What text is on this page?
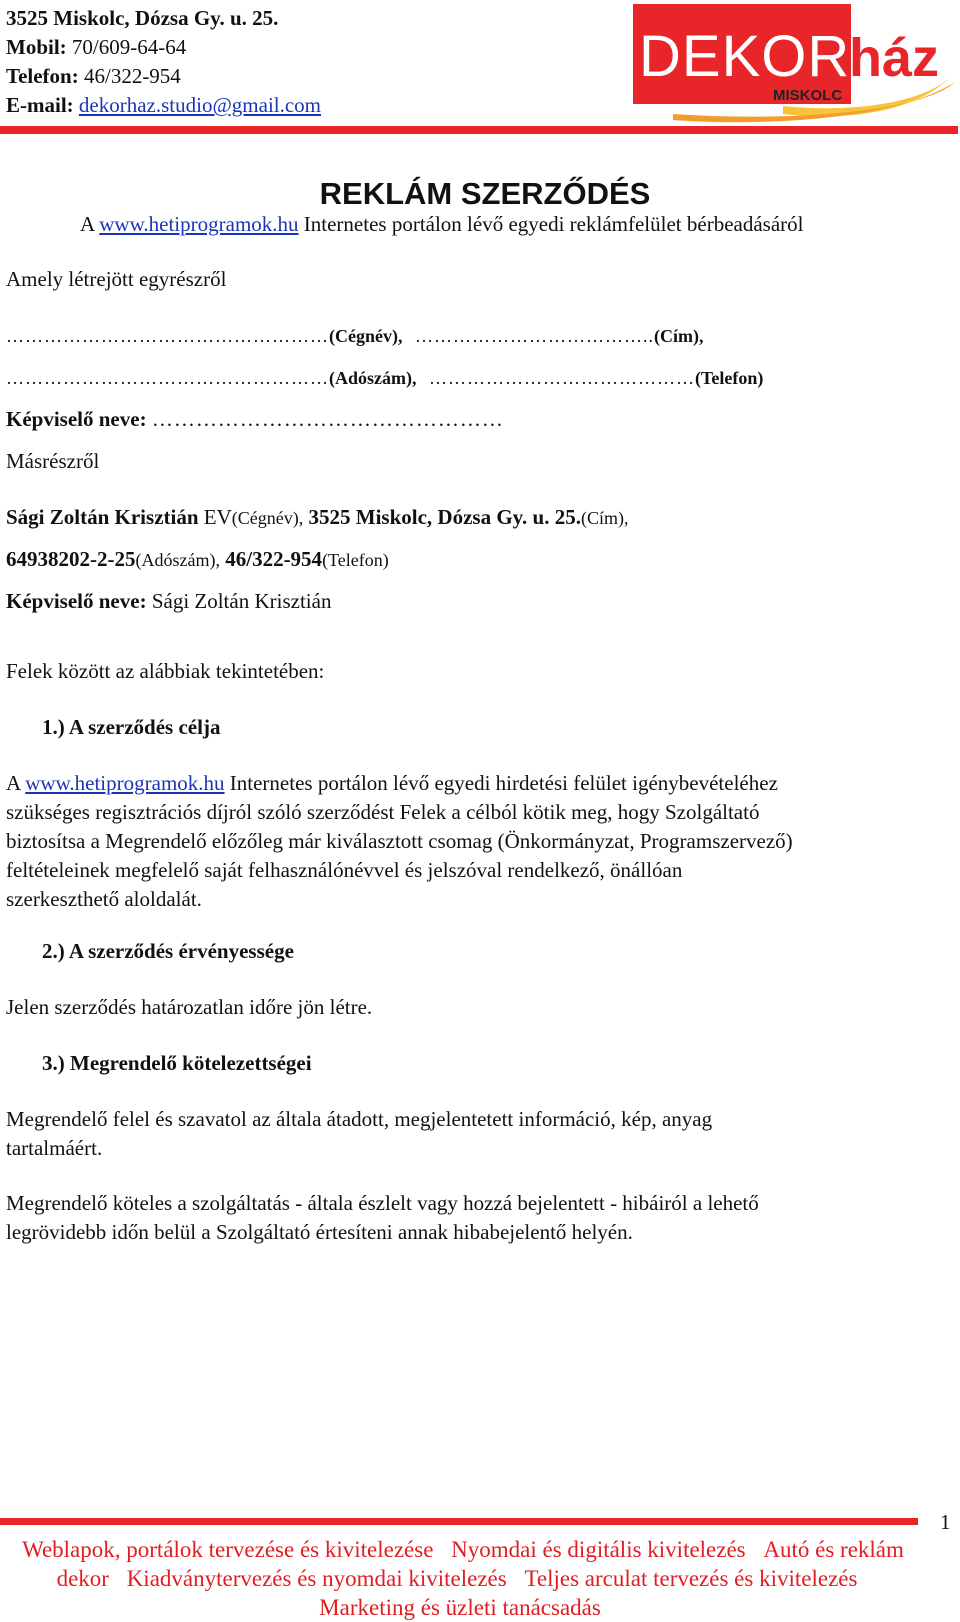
3525 Miskolc, Dózsa Gy. u. 25.
Mobil: 70/609-64-64
Telefon: 46/322-954
E-mail: dekorhaz.studio@gmail.com
DEKOR
ház
MISKOLC
REKLÁM SZERZŐDÉS
A www.hetiprogramok.hu Internetes portálon lévő egyedi reklámfelület bérbeadásáról
Amely létrejött egyrészről
……………………………………………(Cégnév), ………………………………..(Cím),
……………………………………………(Adószám), ……………………………………(Telefon)
Képviselő neve: …………………………………………
Másrészről
Sági Zoltán Krisztián EV(Cégnév), 3525 Miskolc, Dózsa Gy. u. 25.(Cím),
64938202-2-25(Adószám), 46/322-954(Telefon)
Képviselő neve: Sági Zoltán Krisztián
Felek között az alábbiak tekintetében:
1.) A szerződés célja
A www.hetiprogramok.hu Internetes portálon lévő egyedi hirdetési felület igénybevételéhez
szükséges regisztrációs díjról szóló szerződést Felek a célból kötik meg, hogy Szolgáltató
biztosítsa a Megrendelő előzőleg már kiválasztott csomag (Önkormányzat, Programszervező)
feltételeinek megfelelő saját felhasználónévvel és jelszóval rendelkező, önállóan
szerkeszthető aloldalát.
2.) A szerződés érvényessége
Jelen szerződés határozatlan időre jön létre.
3.) Megrendelő kötelezettségei
Megrendelő felel és szavatol az általa átadott, megjelentetett információ, kép, anyag
tartalmáért.
Megrendelő köteles a szolgáltatás - általa észlelt vagy hozzá bejelentett - hibáiról a lehető
legrövidebb időn belül a Szolgáltató értesíteni annak hibabejelentő helyén.
1
Weblapok, portálok tervezése és kivitelezése Nyomdai és digitális kivitelezés Autó és reklám dekor Kiadványtervezés és nyomdai kivitelezés Teljes arculat tervezés és kivitelezés Marketing és üzleti tanácsadás
